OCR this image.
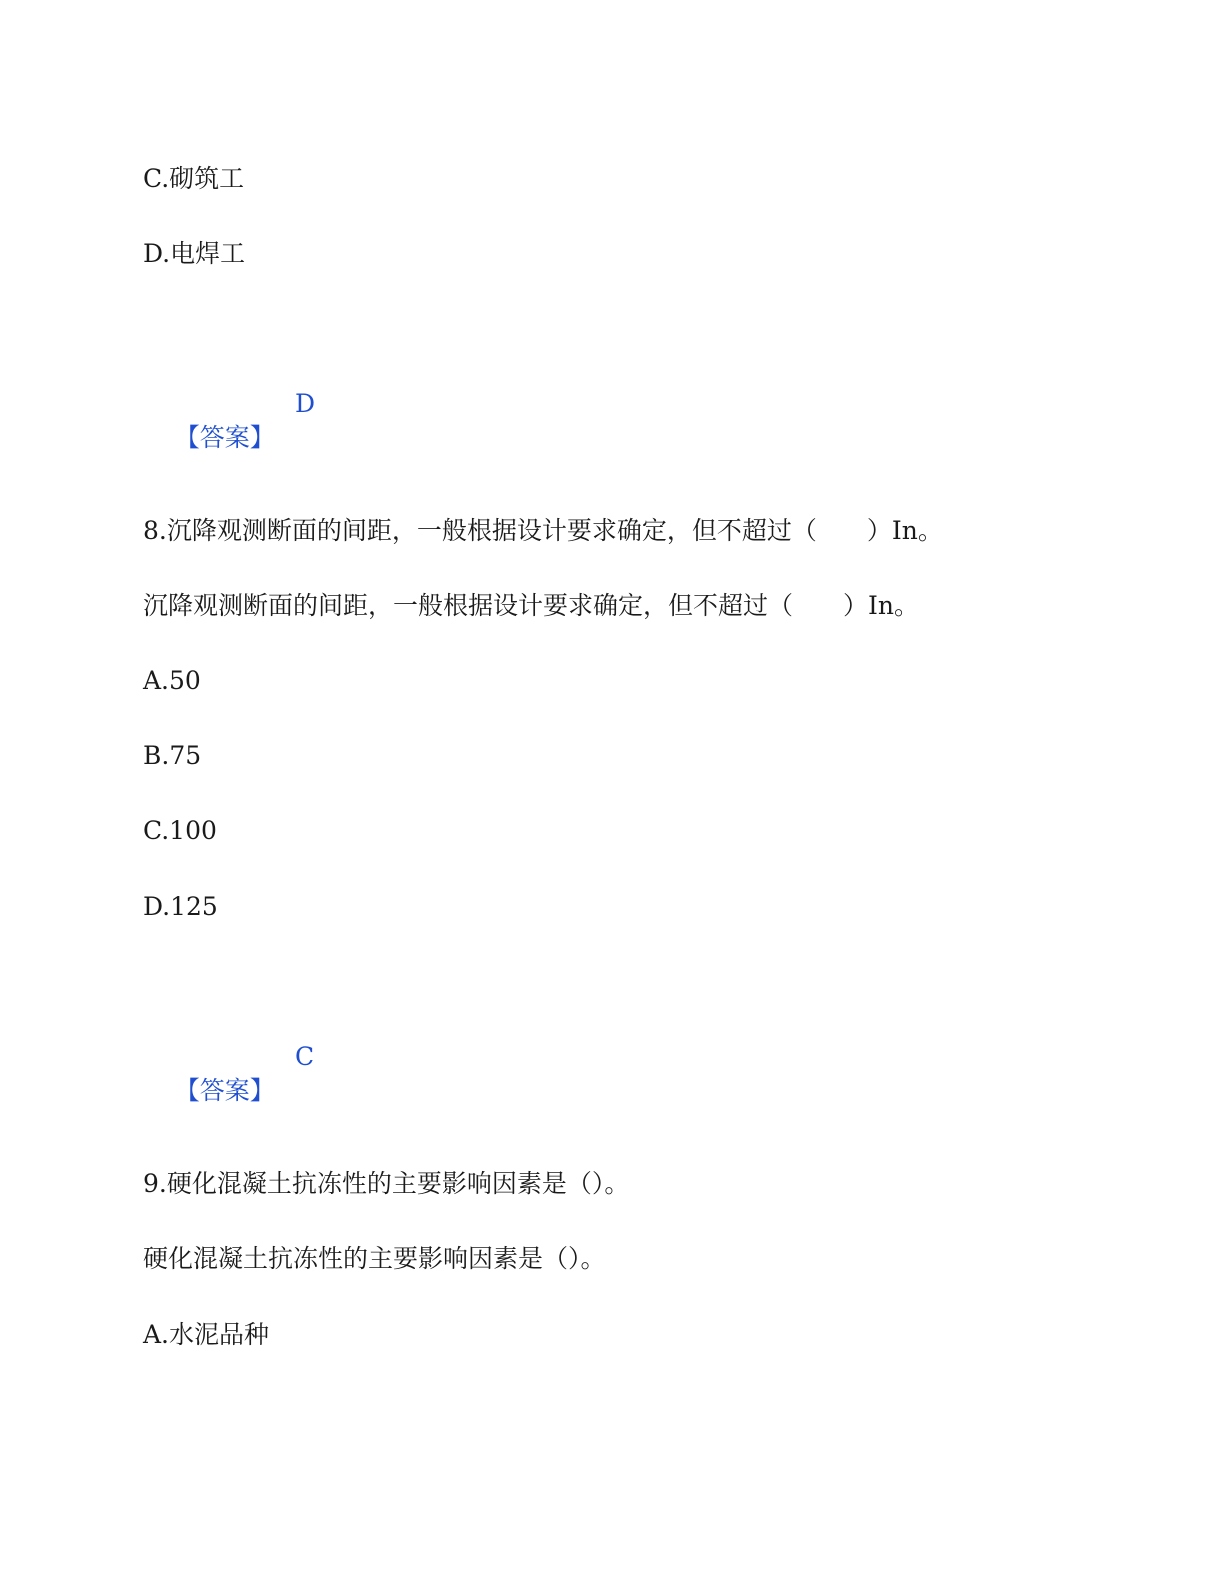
C.砌筑工
D.电焊工

【答案】

D

8.沉降观测断面的间距，一般根据设计要求确定，但不超过（　　）In。
沉降观测断面的间距，一般根据设计要求确定，但不超过（　　）In。
A.50
B.75
C.100
D.125

【答案】

C

9.硬化混凝土抗冻性的主要影响因素是（）。
硬化混凝土抗冻性的主要影响因素是（）。
A.水泥品种
